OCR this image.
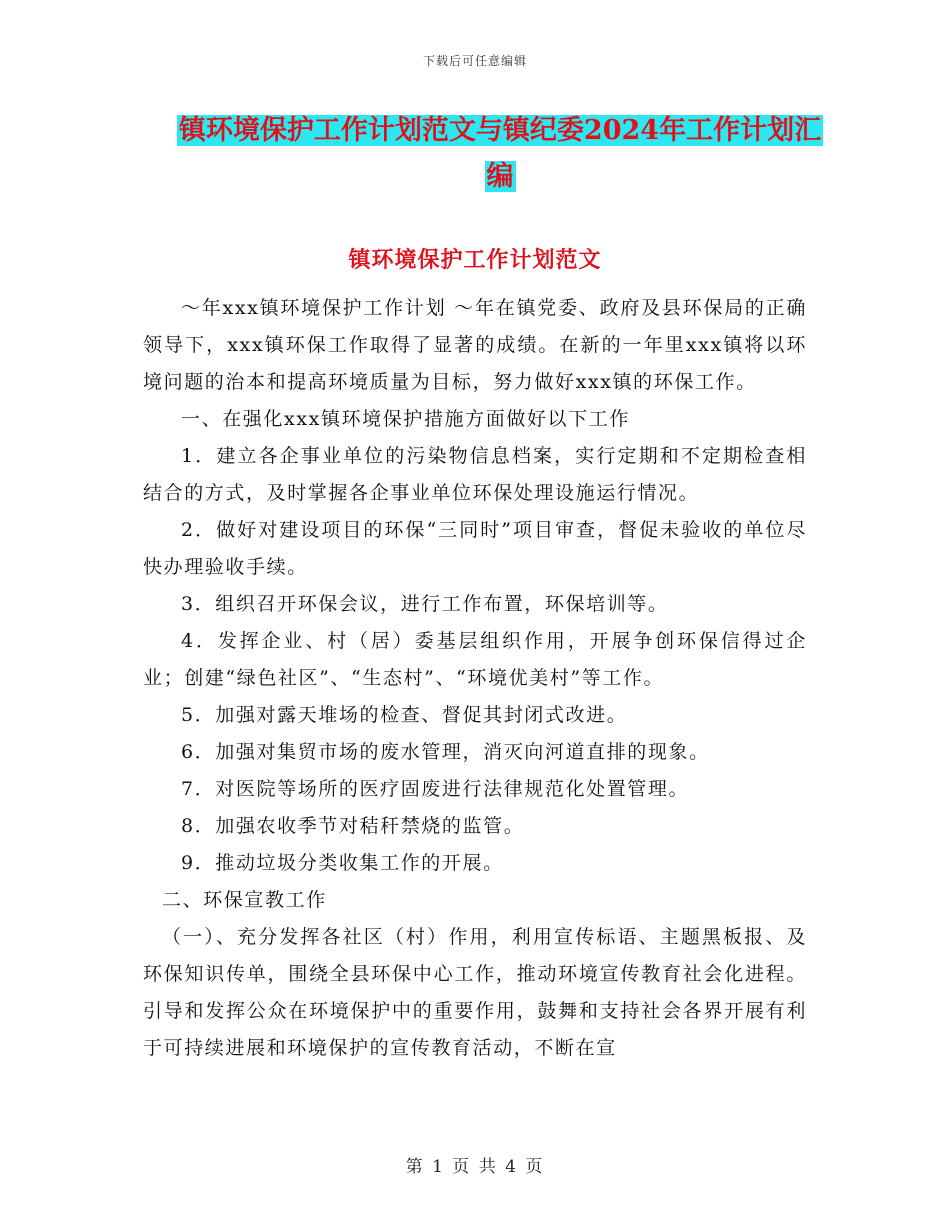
下载后可任意编辑
镇环境保护工作计划范文与镇纪委2024年工作计划汇
编
镇环境保护工作计划范文

～年xxx镇环境保护工作计划 ～年在镇党委、政府及县环保局的正确领导下，xxx镇环保工作取得了显著的成绩。在新的一年里xxx镇将以环境问题的治本和提高环境质量为目标，努力做好xxx镇的环保工作。

一、在强化xxx镇环境保护措施方面做好以下工作

1．建立各企事业单位的污染物信息档案，实行定期和不定期检查相结合的方式，及时掌握各企事业单位环保处理设施运行情况。

2．做好对建设项目的环保“三同时”项目审查，督促未验收的单位尽快办理验收手续。

3．组织召开环保会议，进行工作布置，环保培训等。

4．发挥企业、村（居）委基层组织作用，开展争创环保信得过企业；创建“绿色社区”、“生态村”、“环境优美村”等工作。

5．加强对露天堆场的检查、督促其封闭式改进。

6．加强对集贸市场的废水管理，消灭向河道直排的现象。

7．对医院等场所的医疗固废进行法律规范化处置管理。

8．加强农收季节对秸秆禁烧的监管。

9．推动垃圾分类收集工作的开展。

二、环保宣教工作

（一）、充分发挥各社区（村）作用，利用宣传标语、主题黑板报、及环保知识传单，围绕全县环保中心工作，推动环境宣传教育社会化进程。引导和发挥公众在环境保护中的重要作用，鼓舞和支持社会各界开展有利于可持续进展和环境保护的宣传教育活动，不断在宣

第 1 页 共 4 页
